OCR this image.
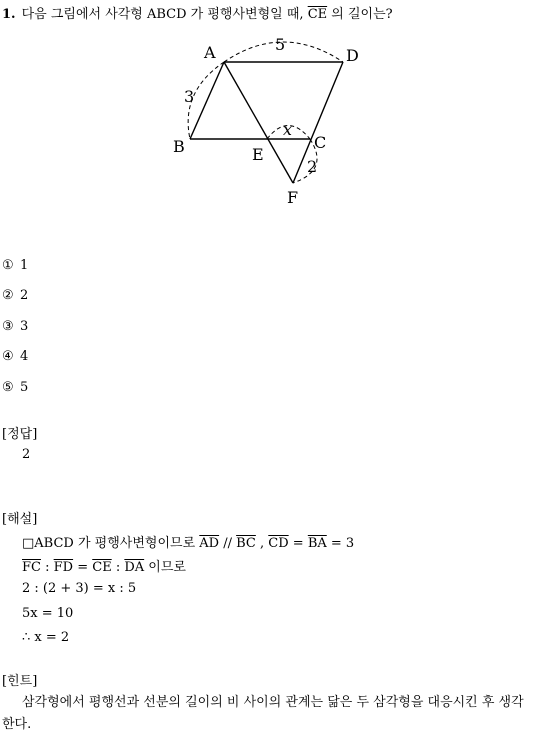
1. 다음 그림에서 사각형 ABCD 가 평행사변형일 때, $\overline{CE}$ 의 길이는?
A	D
B	E
C
F
5
3
x
2
① 1
② 2
③ 3
④ 4
⑤ 5
[정답]
2
[해설]
□ABCD 가 평행사변형이므로 $\overline{AD} // \overline{BC}$ , $\overline{CD} = \overline{BA} = 3$
$\overline{FC}$ : $\overline{FD} = \overline{CE}$ : $\overline{DA}$ 이므로
2 : (2 + 3) = x : 5
5x = 10
∴ x = 2
[힌트]
삼각형에서 평행선과 선분의 길이의 비 사이의 관계는 닮은 두 삼각형을 대응시킨 후 생각한다.
